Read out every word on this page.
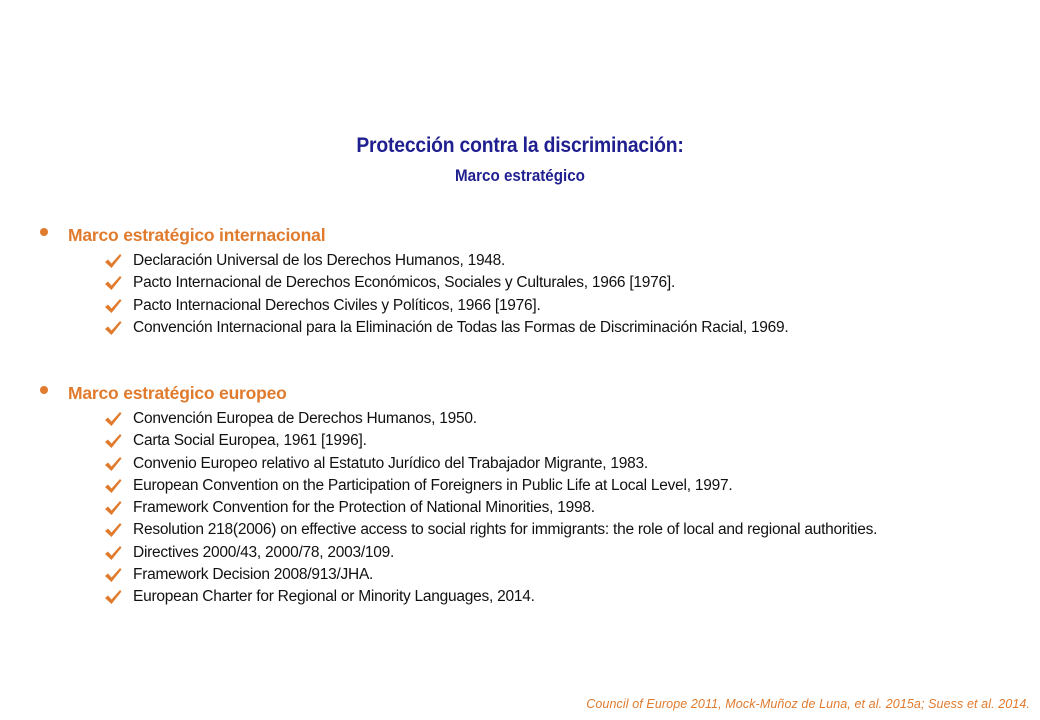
Protección contra la discriminación:
Marco estratégico
Marco estratégico internacional
Declaración Universal de los Derechos Humanos, 1948.
Pacto Internacional de Derechos Económicos, Sociales y Culturales, 1966 [1976].
Pacto Internacional Derechos Civiles y Políticos, 1966 [1976].
Convención Internacional para la Eliminación de Todas las Formas de Discriminación Racial, 1969.
Marco estratégico europeo
Convención Europea de Derechos Humanos, 1950.
Carta Social Europea, 1961 [1996].
Convenio Europeo relativo al Estatuto Jurídico del Trabajador Migrante, 1983.
European Convention on the Participation of Foreigners in Public Life at Local Level, 1997.
Framework Convention for the Protection of National Minorities, 1998.
Resolution 218(2006) on effective access to social rights for immigrants: the role of local and regional authorities.
Directives 2000/43, 2000/78, 2003/109.
Framework Decision 2008/913/JHA.
European Charter for Regional or Minority Languages, 2014.
Council of Europe 2011, Mock-Muñoz de Luna, et al. 2015a; Suess et al. 2014.
